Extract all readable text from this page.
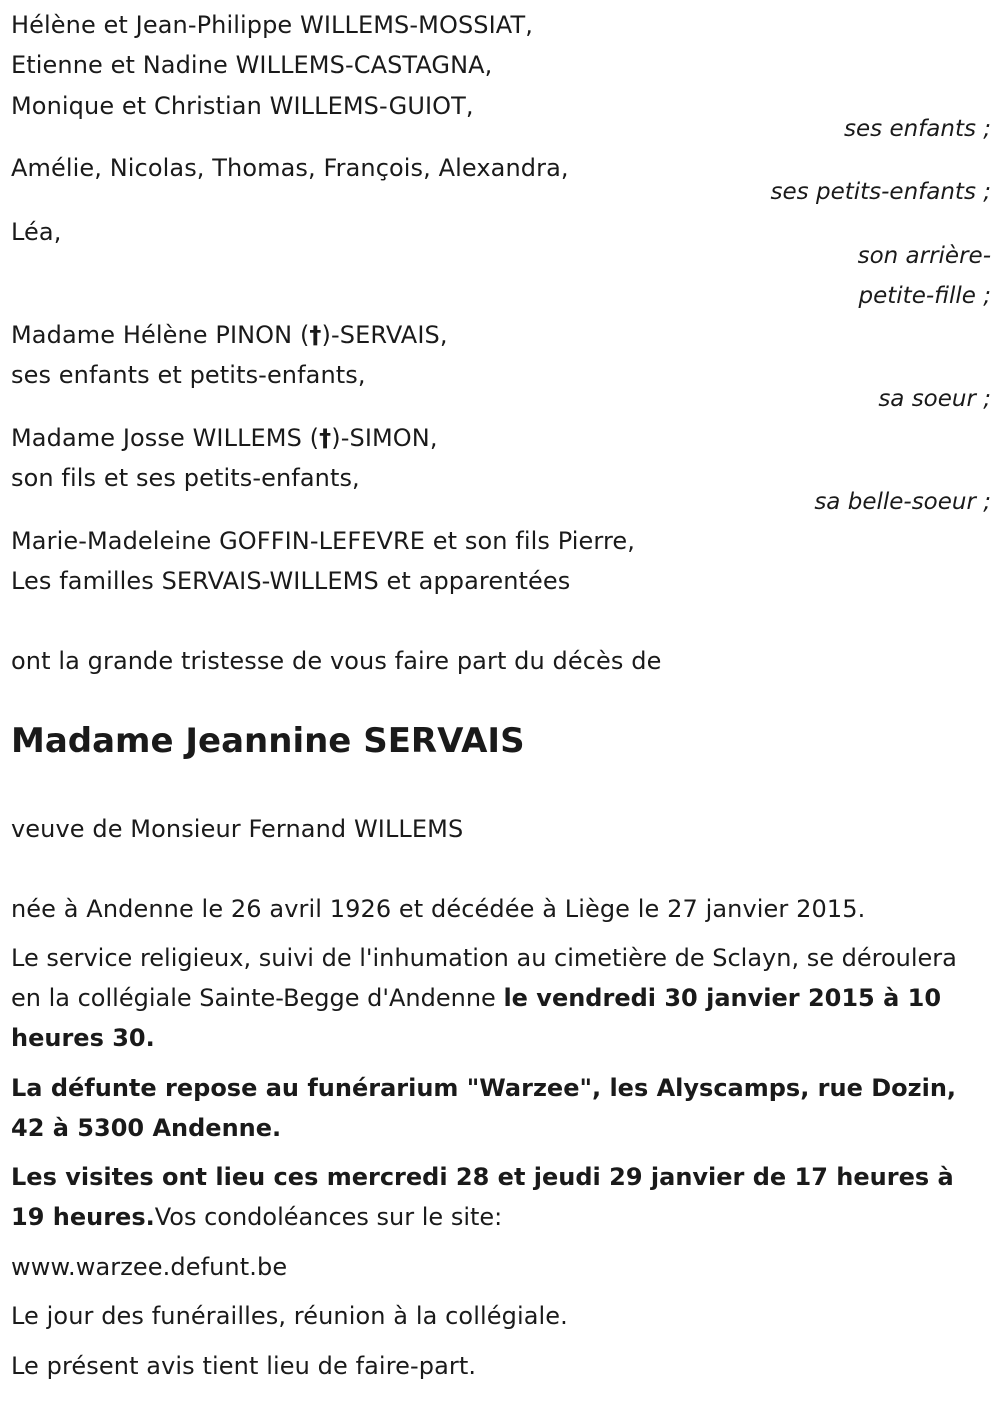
Hélène et Jean-Philippe WILLEMS-MOSSIAT,
Etienne et Nadine WILLEMS-CASTAGNA,
Monique et Christian WILLEMS-GUIOT,
ses enfants ;
Amélie, Nicolas, Thomas, François, Alexandra,
ses petits-enfants ;
Léa,
son arrière-
petite-fille ;
Madame Hélène PINON (†)-SERVAIS,
ses enfants et petits-enfants,
sa soeur ;
Madame Josse WILLEMS (†)-SIMON,
son fils et ses petits-enfants,
sa belle-soeur ;
Marie-Madeleine GOFFIN-LEFEVRE et son fils Pierre,
Les familles SERVAIS-WILLEMS et apparentées
ont la grande tristesse de vous faire part du décès de
Madame Jeannine SERVAIS
veuve de Monsieur Fernand WILLEMS
née à Andenne le 26 avril 1926 et décédée à Liège le 27 janvier 2015.
Le service religieux, suivi de l'inhumation au cimetière de Sclayn, se déroulera en la collégiale Sainte-Begge d'Andenne le vendredi 30 janvier 2015 à 10 heures 30.
La défunte repose au funérarium "Warzee", les Alyscamps, rue Dozin, 42 à 5300 Andenne.
Les visites ont lieu ces mercredi 28 et jeudi 29 janvier de 17 heures à 19 heures.Vos condoléances sur le site:
www.warzee.defunt.be
Le jour des funérailles, réunion à la collégiale.
Le présent avis tient lieu de faire-part.
